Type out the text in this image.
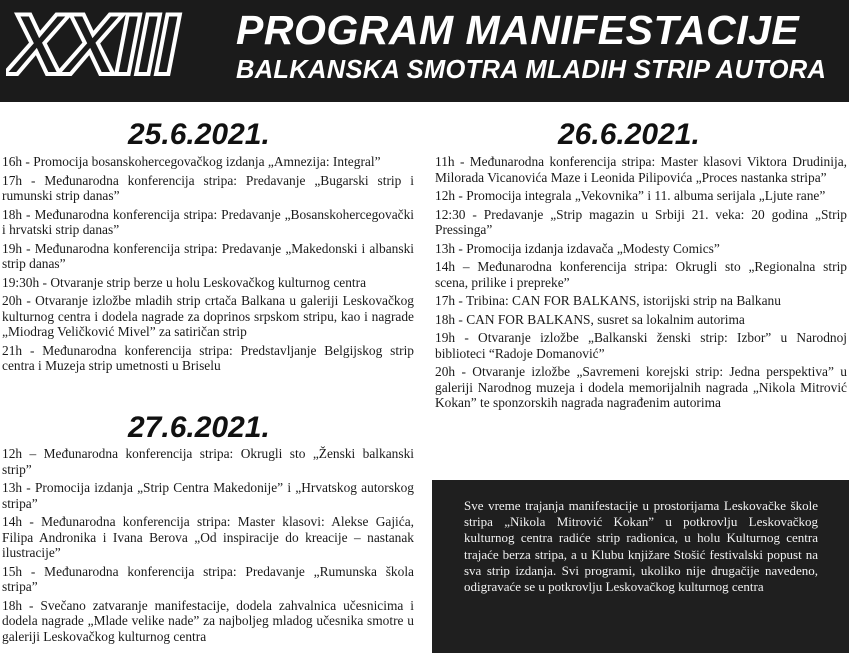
XXIII PROGRAM MANIFESTACIJE
BALKANSKA SMOTRA MLADIH STRIP AUTORA
25.6.2021.

16h - Promocija bosanskohercegovačkog izdanja „Amnezija: Integral”

17h - Međunarodna konferencija stripa: Predavanje „Bugarski strip i rumunski strip danas”

18h - Međunarodna konferencija stripa: Predavanje „Bosanskohercegovački i hrvatski strip danas”

19h - Međunarodna konferencija stripa: Predavanje „Makedonski i albanski strip danas”

19:30h - Otvaranje strip berze u holu Leskovačkog kulturnog centra

20h - Otvaranje izložbe mladih strip crtača Balkana u galeriji Leskovačkog kulturnog centra i dodela nagrade za doprinos srpskom stripu, kao i nagrade „Miodrag Veličković Mivel” za satiričan strip

21h - Međunarodna konferencija stripa: Predstavljanje Belgijskog strip centra i Muzeja strip umetnosti u Briselu

27.6.2021.

12h – Međunarodna konferencija stripa: Okrugli sto „Ženski balkanski strip”

13h - Promocija izdanja „Strip Centra Makedonije” i „Hrvatskog autorskog stripa”

14h - Međunarodna konferencija stripa: Master klasovi: Alekse Gajića, Filipa Andronika i Ivana Berova „Od inspiracije do kreacije – nastanak ilustracije”

15h - Međunarodna konferencija stripa: Predavanje „Rumunska škola stripa”

18h - Svečano zatvaranje manifestacije, dodela zahvalnica učesnicima i dodela nagrade „Mlade velike nade” za najboljeg mladog učesnika smotre u galeriji Leskovačkog kulturnog centra

26.6.2021.

11h - Međunarodna konferencija stripa: Master klasovi Viktora Drudinija, Milorada Vicanovića Maze i Leonida Pilipovića „Proces nastanka stripa”

12h - Promocija integrala „Vekovnika” i 11. albuma serijala „Ljute rane”

12:30 - Predavanje „Strip magazin u Srbiji 21. veka: 20 godina „Strip Pressinga”

13h - Promocija izdanja izdavača „Modesty Comics”

14h – Međunarodna konferencija stripa: Okrugli sto „Regionalna strip scena, prilike i prepreke”

17h - Tribina: CAN FOR BALKANS, istorijski strip na Balkanu

18h - CAN FOR BALKANS, susret sa lokalnim autorima

19h - Otvaranje izložbe „Balkanski ženski strip: Izbor” u Narodnoj biblioteci “Radoje Domanović”

20h - Otvaranje izložbe „Savremeni korejski strip: Jedna perspektiva” u galeriji Narodnog muzeja i dodela memorijalnih nagrada „Nikola Mitrović Kokan” te sponzorskih nagrada nagrađenim autorima

Sve vreme trajanja manifestacije u prostorijama Leskovačke škole stripa „Nikola Mitrović Kokan” u potkrovlju Leskovačkog kulturnog centra radiće strip radionica, u holu Kulturnog centra trajaće berza stripa, a u Klubu knjižare Stošić festivalski popust na sva strip izdanja. Svi programi, ukoliko nije drugačije navedeno, odigravaće se u potkrovlju Leskovačkog kulturnog centra
